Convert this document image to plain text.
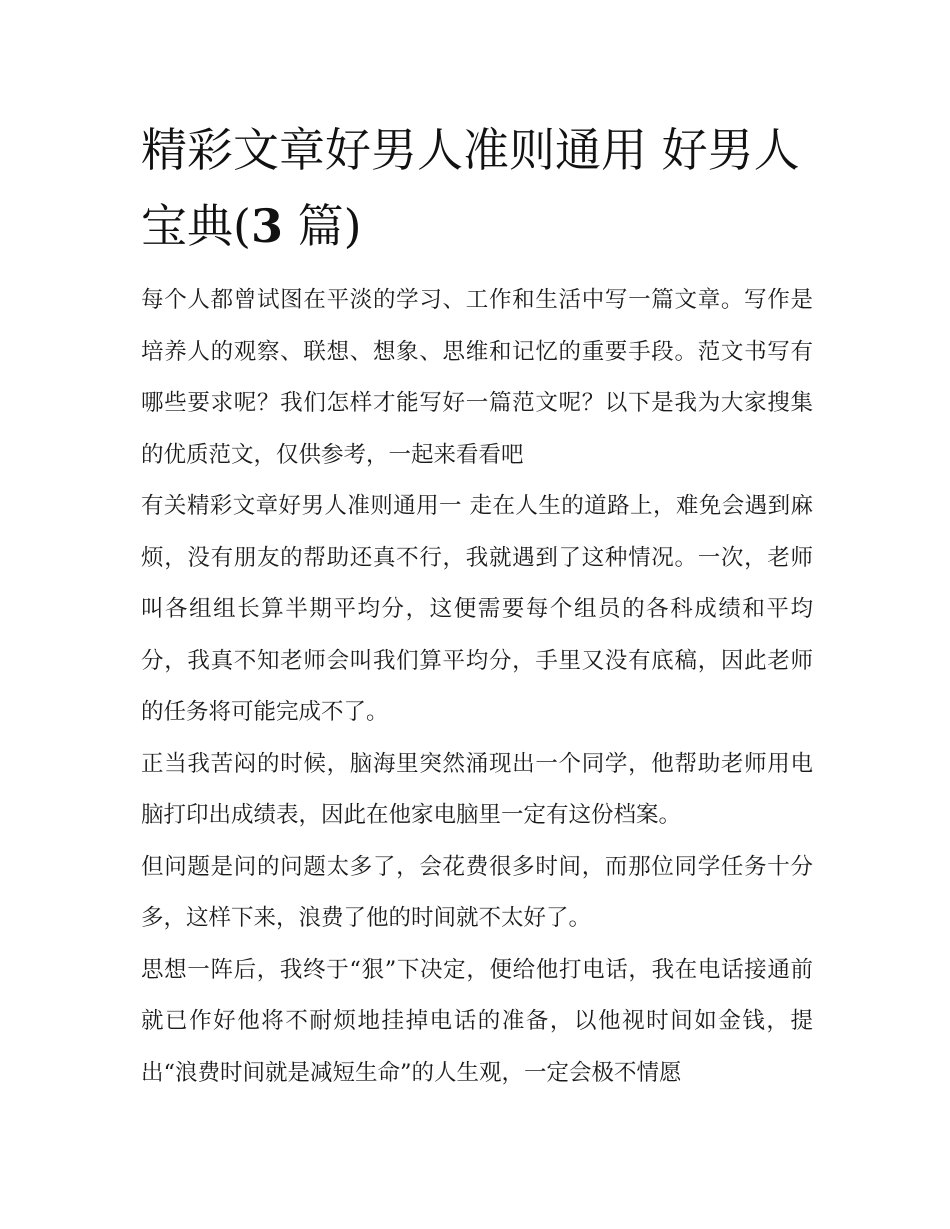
精彩文章好男人准则通用 好男人宝典(3 篇)

每个人都曾试图在平淡的学习、工作和生活中写一篇文章。写作是培养人的观察、联想、想象、思维和记忆的重要手段。范文书写有哪些要求呢？我们怎样才能写好一篇范文呢？以下是我为大家搜集的优质范文，仅供参考，一起来看看吧

有关精彩文章好男人准则通用一 走在人生的道路上，难免会遇到麻烦，没有朋友的帮助还真不行，我就遇到了这种情况。一次，老师叫各组组长算半期平均分，这便需要每个组员的各科成绩和平均分，我真不知老师会叫我们算平均分，手里又没有底稿，因此老师的任务将可能完成不了。

正当我苦闷的时候，脑海里突然涌现出一个同学，他帮助老师用电脑打印出成绩表，因此在他家电脑里一定有这份档案。

但问题是问的问题太多了，会花费很多时间，而那位同学任务十分多，这样下来，浪费了他的时间就不太好了。

思想一阵后，我终于“狠”下决定，便给他打电话，我在电话接通前就已作好他将不耐烦地挂掉电话的准备，以他视时间如金钱，提出“浪费时间就是减短生命”的人生观，一定会极不情愿
